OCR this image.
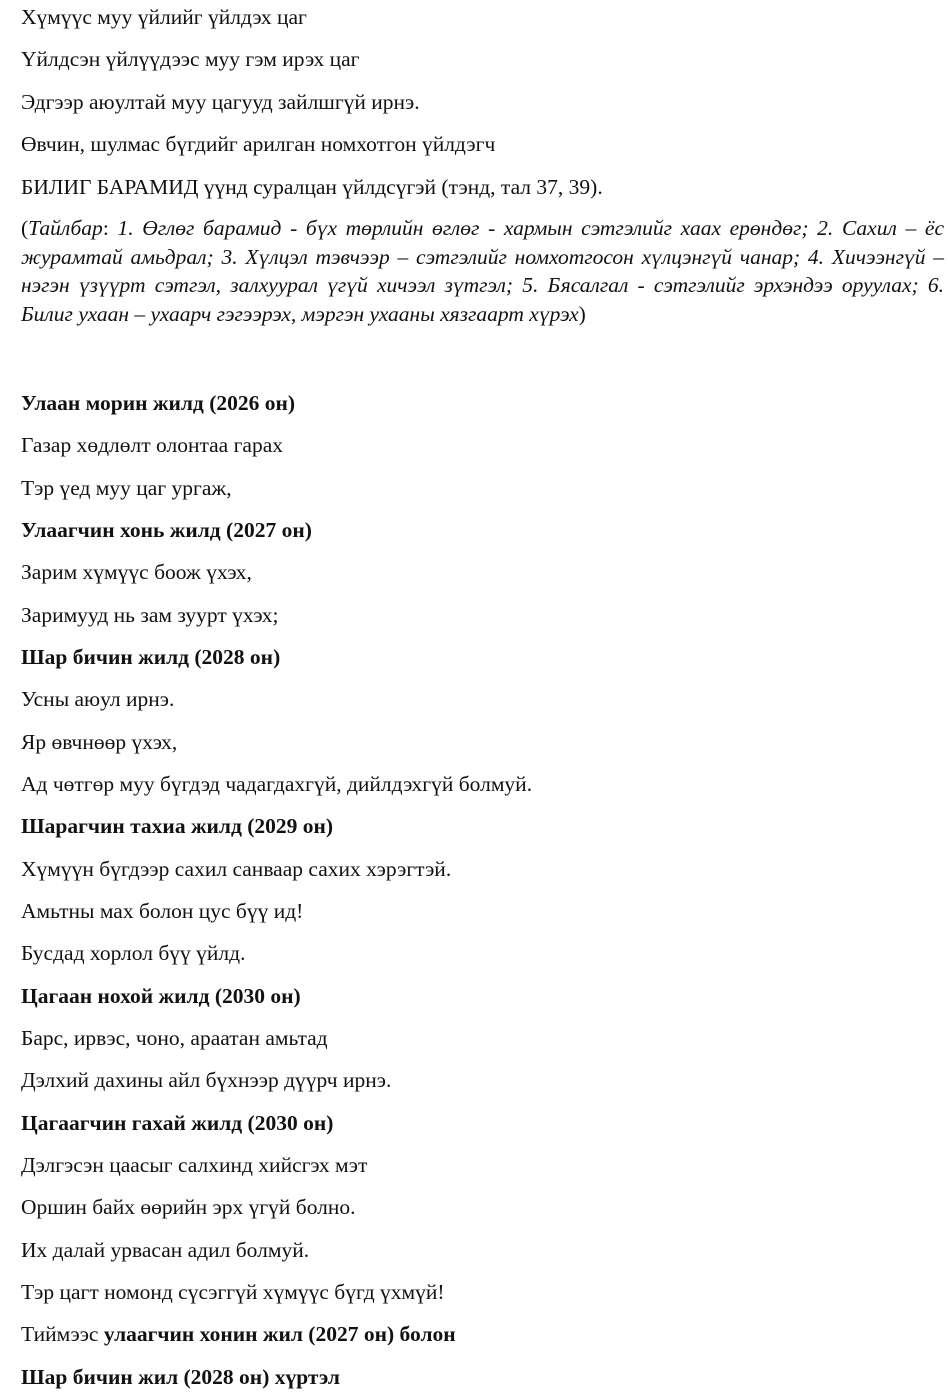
Хүмүүс муу үйлийг үйлдэх цаг
Үйлдсэн үйлүүдээс муу гэм ирэх цаг
Эдгээр аюултай муу цагууд зайлшгүй ирнэ.
Өвчин, шулмас бүгдийг арилган номхотгон үйлдэгч
БИЛИГ БАРАМИД үүнд суралцан үйлдсүгэй (тэнд, тал 37, 39).
(Тайлбар: 1. Өглөг барамид - бүх төрлийн өглөг - хармын сэтгэлийг хаах ерөндөг; 2. Сахил – ёс журамтай амьдрал; 3. Хүлцэл тэвчээр – сэтгэлийг номхотгосон хүлцэнгүй чанар; 4. Хичээнгүй – нэгэн үзүүрт сэтгэл, залхуурал үгүй хичээл зүтгэл; 5. Бясалгал - сэтгэлийг эрхэндээ оруулах; 6. Билиг ухаан – ухаарч гэгээрэх, мэргэн ухааны хязгаарт хүрэх)
Улаан морин жилд (2026 он)
Газар хөдлөлт олонтаа гарах
Тэр үед муу цаг ургаж,
Улаагчин хонь жилд (2027 он)
Зарим хүмүүс боож үхэх,
Заримууд нь зам зуурт үхэх;
Шар бичин жилд (2028 он)
Усны аюул ирнэ.
Яр өвчнөөр үхэх,
Ад чөтгөр муу бүгдэд чадагдахгүй, дийлдэхгүй болмуй.
Шарагчин тахиа жилд (2029 он)
Хүмүүн бүгдээр сахил санваар сахих хэрэгтэй.
Амьтны мах болон цус бүү ид!
Бусдад хорлол бүү үйлд.
Цагаан нохой жилд (2030 он)
Барс, ирвэс, чоно, араатан амьтад
Дэлхий дахины айл бүхнээр дүүрч ирнэ.
Цагаагчин гахай жилд (2030 он)
Дэлгэсэн цаасыг салхинд хийсгэх мэт
Оршин байх өөрийн эрх үгүй болно.
Их далай урвасан адил болмуй.
Тэр цагт номонд сүсэггүй хүмүүс бүгд үхмүй!
Тиймээс улаагчин хонин жил (2027 он) болон
Шар бичин жил (2028 он) хүртэл
